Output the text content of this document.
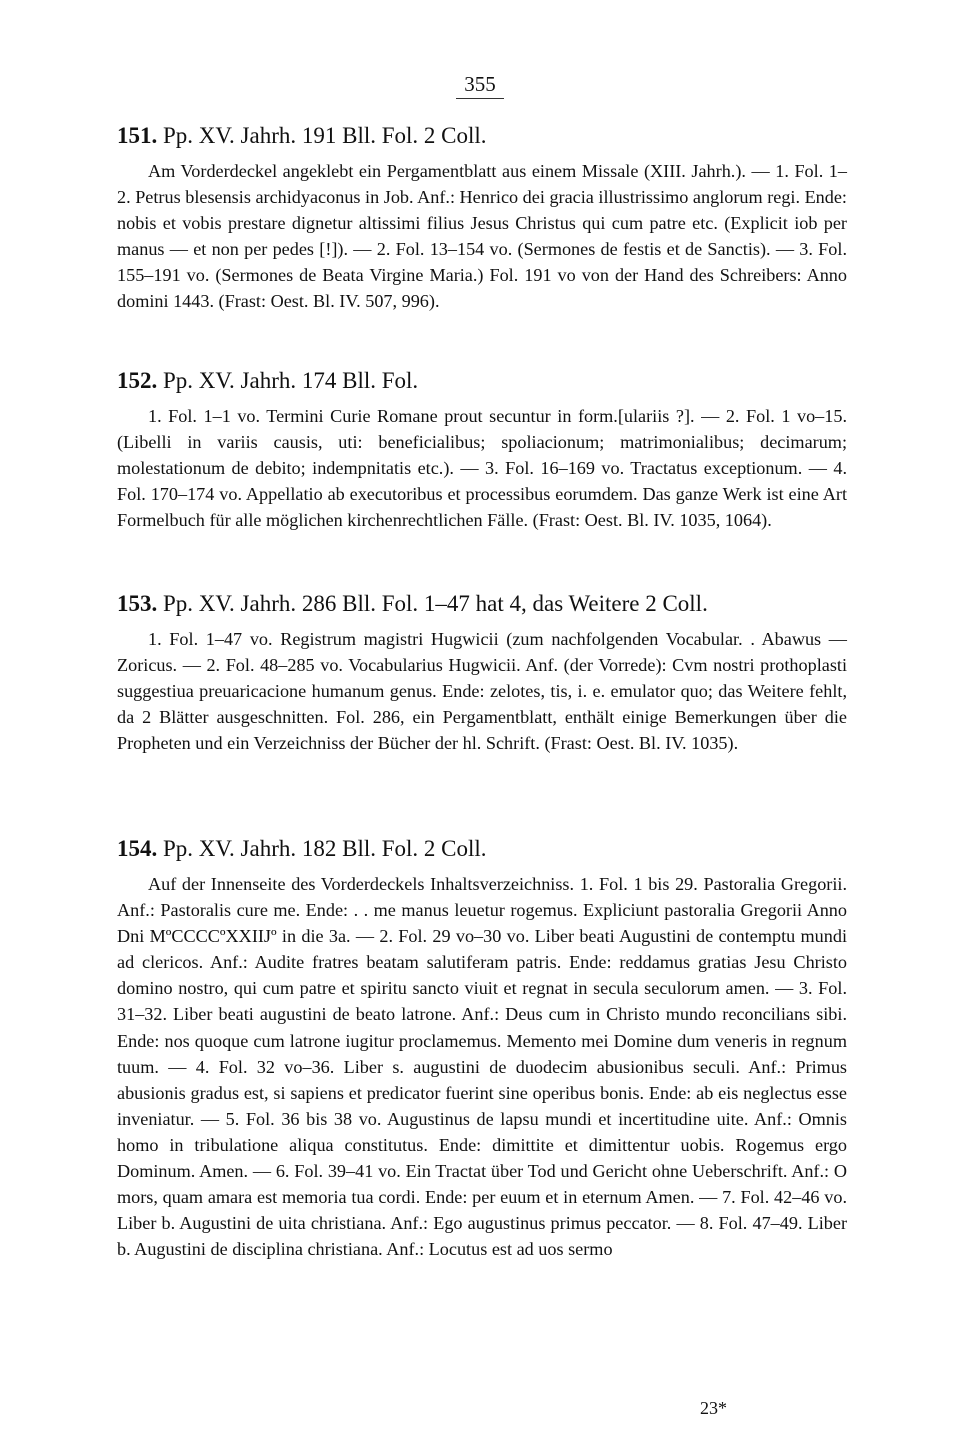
355
151. Pp. XV. Jahrh. 191 Bll. Fol. 2 Coll.
Am Vorderdeckel angeklebt ein Pergamentblatt aus einem Missale (XIII. Jahrh.). — 1. Fol. 1–2. Petrus blesensis archidyaconus in Job. Anf.: Henrico dei gracia illustrissimo anglorum regi. Ende: nobis et vobis prestare dignetur altissimi filius Jesus Christus qui cum patre etc. (Explicit iob per manus — et non per pedes [!]). — 2. Fol. 13–154 vo. (Sermones de festis et de Sanctis). — 3. Fol. 155–191 vo. (Sermones de Beata Virgine Maria.) Fol. 191 vo von der Hand des Schreibers: Anno domini 1443. (Frast: Oest. Bl. IV. 507, 996).
152. Pp. XV. Jahrh. 174 Bll. Fol.
1. Fol. 1–1 vo. Termini Curie Romane prout secuntur in form.[ulariis ?]. — 2. Fol. 1 vo–15. (Libelli in variis causis, uti: beneficialibus; spoliacionum; matrimonialibus; decimarum; molestationum de debito; indempnitatis etc.). — 3. Fol. 16–169 vo. Tractatus exceptionum. — 4. Fol. 170–174 vo. Appellatio ab executoribus et processibus eorumdem. Das ganze Werk ist eine Art Formelbuch für alle möglichen kirchenrechtlichen Fälle. (Frast: Oest. Bl. IV. 1035, 1064).
153. Pp. XV. Jahrh. 286 Bll. Fol. 1–47 hat 4, das Weitere 2 Coll.
1. Fol. 1–47 vo. Registrum magistri Hugwicii (zum nachfolgenden Vocabular. . Abawus — Zoricus. — 2. Fol. 48–285 vo. Vocabularius Hugwicii. Anf. (der Vorrede): Cvm nostri prothoplasti suggestiua preuaricacione humanum genus. Ende: zelotes, tis, i. e. emulator quo; das Weitere fehlt, da 2 Blätter ausgeschnitten. Fol. 286, ein Pergamentblatt, enthält einige Bemerkungen über die Propheten und ein Verzeichniss der Bücher der hl. Schrift. (Frast: Oest. Bl. IV. 1035).
154. Pp. XV. Jahrh. 182 Bll. Fol. 2 Coll.
Auf der Innenseite des Vorderdeckels Inhaltsverzeichniss. 1. Fol. 1 bis 29. Pastoralia Gregorii. Anf.: Pastoralis cure me. Ende: . . me manus leuetur rogemus. Expliciunt pastoralia Gregorii Anno Dni MºCCCCºXXIIJº in die 3a. — 2. Fol. 29 vo–30 vo. Liber beati Augustini de contemptu mundi ad clericos. Anf.: Audite fratres beatam salutiferam patris. Ende: reddamus gratias Jesu Christo domino nostro, qui cum patre et spiritu sancto viuit et regnat in secula seculorum amen. — 3. Fol. 31–32. Liber beati augustini de beato latrone. Anf.: Deus cum in Christo mundo reconcilians sibi. Ende: nos quoque cum latrone iugitur proclamemus. Memento mei Domine dum veneris in regnum tuum. — 4. Fol. 32 vo–36. Liber s. augustini de duodecim abusionibus seculi. Anf.: Primus abusionis gradus est, si sapiens et predicator fuerint sine operibus bonis. Ende: ab eis neglectus esse inveniatur. — 5. Fol. 36 bis 38 vo. Augustinus de lapsu mundi et incertitudine uite. Anf.: Omnis homo in tribulatione aliqua constitutus. Ende: dimittite et dimittentur uobis. Rogemus ergo Dominum. Amen. — 6. Fol. 39–41 vo. Ein Tractat über Tod und Gericht ohne Ueberschrift. Anf.: O mors, quam amara est memoria tua cordi. Ende: per euum et in eternum Amen. — 7. Fol. 42–46 vo. Liber b. Augustini de uita christiana. Anf.: Ego augustinus primus peccator. — 8. Fol. 47–49. Liber b. Augustini de disciplina christiana. Anf.: Locutus est ad uos sermo
23*
